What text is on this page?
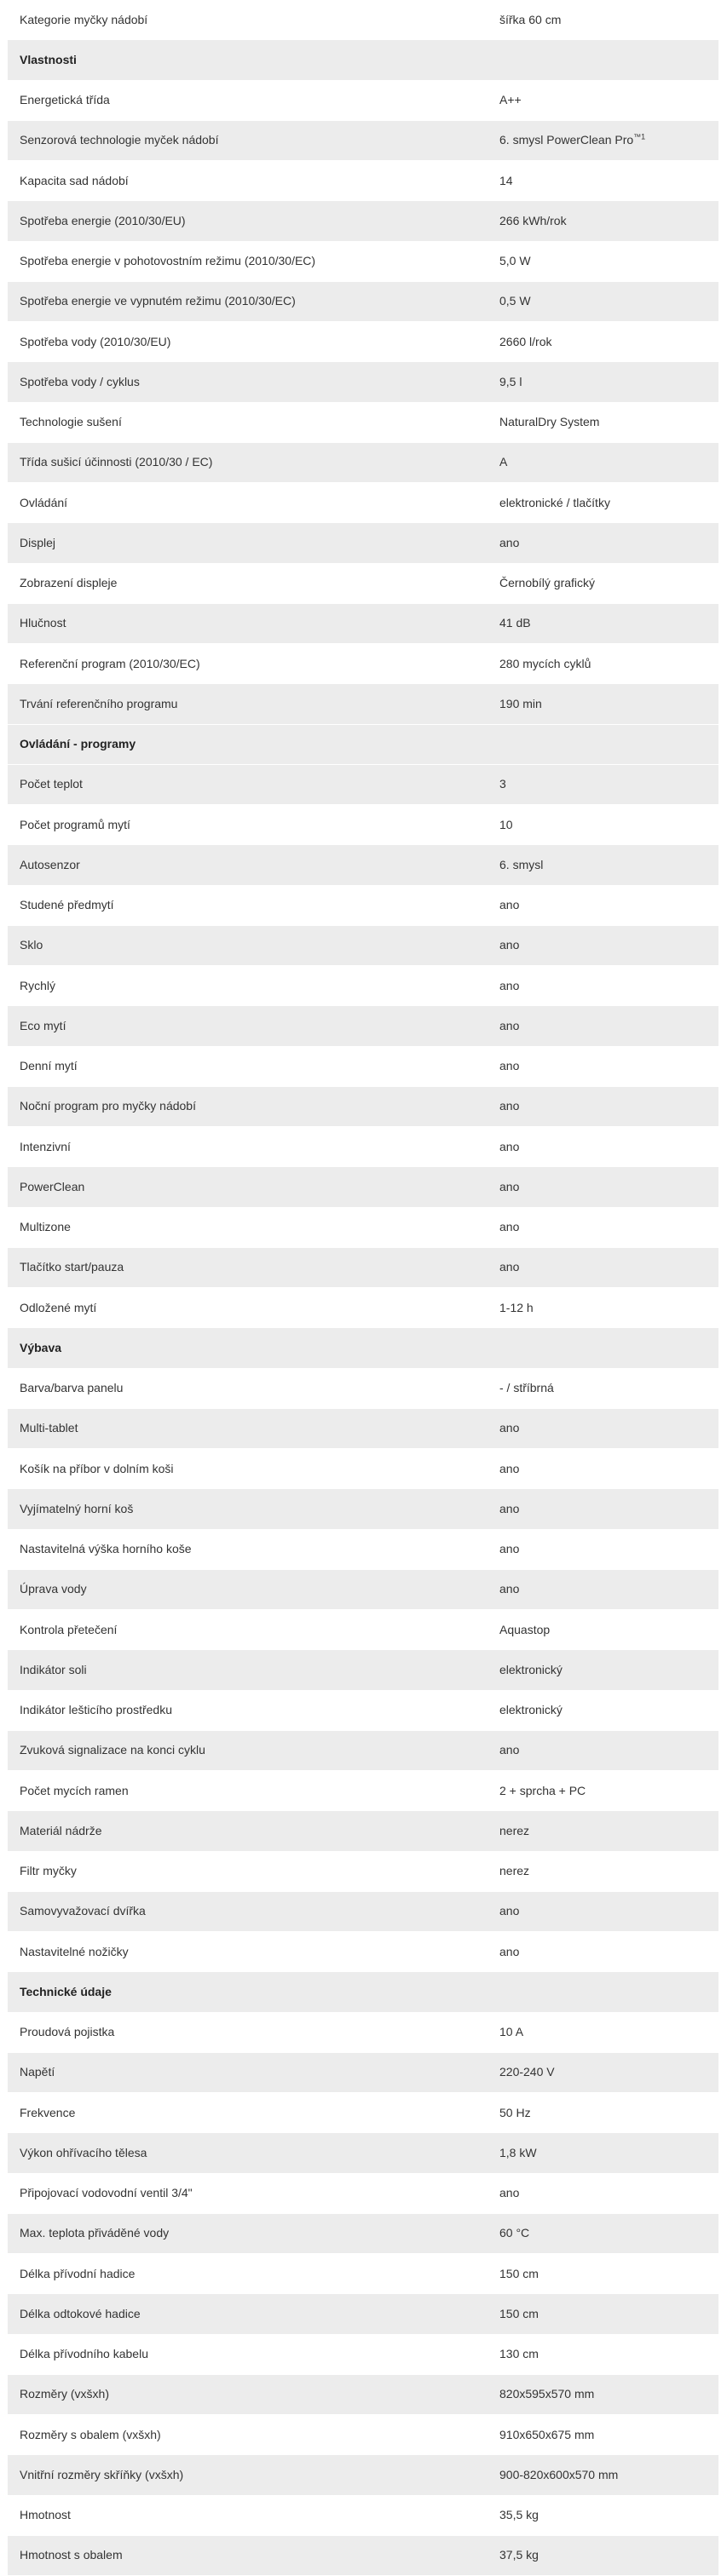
Kategorie myčky nádobí	šířka 60 cm
Vlastnosti
Energetická třída	A++
Senzorová technologie myček nádobí	6. smysl PowerClean Pro$^{™1}$
Kapacita sad nádobí	14
Spotřeba energie (2010/30/EU)	266 kWh/rok
Spotřeba energie v pohotovostním režimu (2010/30/EC)	5,0 W
Spotřeba energie ve vypnutém režimu (2010/30/EC)	0,5 W
Spotřeba vody (2010/30/EU)	2660 l/rok
Spotřeba vody / cyklus	9,5 l
Technologie sušení	NaturalDry System
Třída sušicí účinnosti (2010/30 / EC)	A
Ovládání	elektronické / tlačítky
Displej	ano
Zobrazení displeje	Černobílý grafický
Hlučnost	41 dB
Referenční program (2010/30/EC)	280 mycích cyklů
Trvání referenčního programu	190 min
Ovládání - programy
Počet teplot	3
Počet programů mytí	10
Autosenzor	6. smysl
Studené předmytí	ano
Sklo	ano
Rychlý	ano
Eco mytí	ano
Denní mytí	ano
Noční program pro myčky nádobí	ano
Intenzivní	ano
PowerClean	ano
Multizone	ano
Tlačítko start/pauza	ano
Odložené mytí	1-12 h
Výbava
Barva/barva panelu	- / stříbrná
Multi-tablet	ano
Košík na příbor v dolním koši	ano
Vyjímatelný horní koš	ano
Nastavitelná výška horního koše	ano
Úprava vody	ano
Kontrola přetečení	Aquastop
Indikátor soli	elektronický
Indikátor lešticího prostředku	elektronický
Zvuková signalizace na konci cyklu	ano
Počet mycích ramen	2 + sprcha + PC
Materiál nádrže	nerez
Filtr myčky	nerez
Samovyvažovací dvířka	ano
Nastavitelné nožičky	ano
Technické údaje
Proudová pojistka	10 A
Napětí	220-240 V
Frekvence	50 Hz
Výkon ohřívacího tělesa	1,8 kW
Připojovací vodovodní ventil 3/4"	ano
Max. teplota přiváděné vody	60 °C
Délka přívodní hadice	150 cm
Délka odtokové hadice	150 cm
Délka přívodního kabelu	130 cm
Rozměry (vxšxh)	820x595x570 mm
Rozměry s obalem (vxšxh)	910x650x675 mm
Vnitřní rozměry skříňky (vxšxh)	900-820x600x570 mm
Hmotnost	35,5 kg
Hmotnost s obalem	37,5 kg
